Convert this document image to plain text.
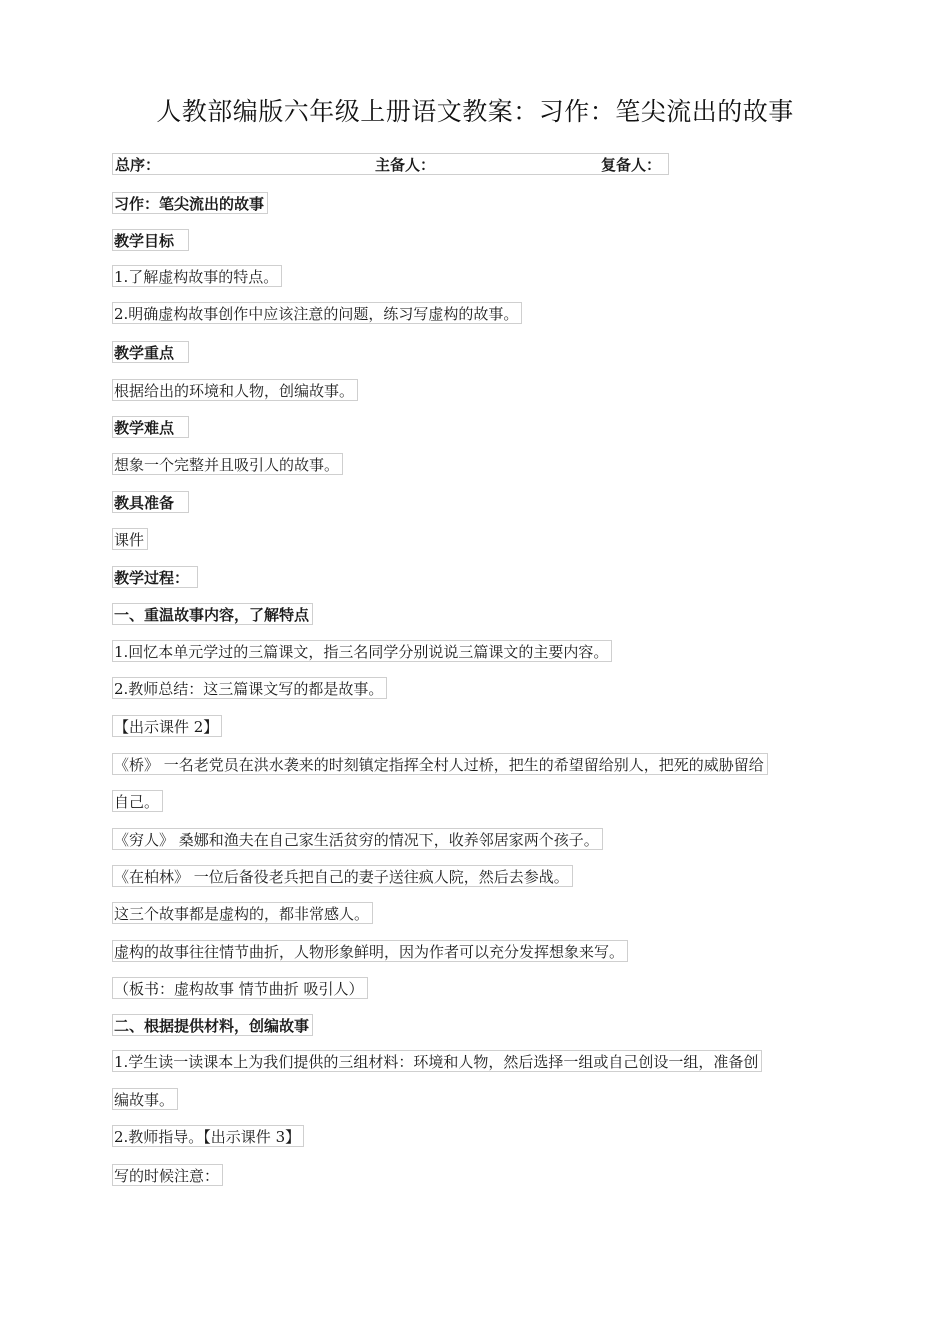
人教部编版六年级上册语文教案：习作：笔尖流出的故事
总序：	主备人：	复备人：
习作：笔尖流出的故事
教学目标
1.了解虚构故事的特点。
2.明确虚构故事创作中应该注意的问题，练习写虚构的故事。
教学重点
根据给出的环境和人物，创编故事。
教学难点
想象一个完整并且吸引人的故事。
教具准备
课件
教学过程：
一、重温故事内容，了解特点
1.回忆本单元学过的三篇课文，指三名同学分别说说三篇课文的主要内容。
2.教师总结：这三篇课文写的都是故事。
【出示课件 2】
《桥》 一名老党员在洪水袭来的时刻镇定指挥全村人过桥，把生的希望留给别人，把死的威胁留给
自己。
《穷人》 桑娜和渔夫在自己家生活贫穷的情况下，收养邻居家两个孩子。
《在柏林》 一位后备役老兵把自己的妻子送往疯人院，然后去参战。
这三个故事都是虚构的，都非常感人。
虚构的故事往往情节曲折，人物形象鲜明，因为作者可以充分发挥想象来写。
（板书：虚构故事 情节曲折 吸引人）
二、根据提供材料，创编故事
1.学生读一读课本上为我们提供的三组材料：环境和人物，然后选择一组或自己创设一组，准备创
编故事。
2.教师指导。【出示课件 3】
写的时候注意：
